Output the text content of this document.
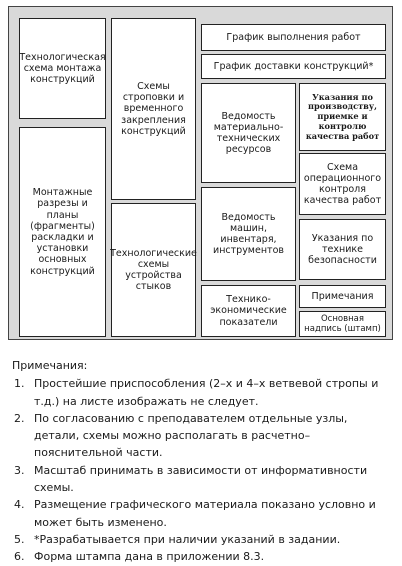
Технологическая схема монтажа конструкций
Монтажные разрезы и планы (фрагменты) раскладки и установки основных конструкций
Схемы строповки и временного закрепления конструкций
Технологические схемы устройства стыков
График выполнения работ
График доставки конструкций*
Ведомость материально-технических ресурсов
Указания по производству, приемке и контролю качества работ
Схема операционного контроля качества работ
Ведомость машин, инвентаря, инструментов
Указания по технике безопасности
Технико-экономические показатели
Примечания
Основная надпись (штамп)
Примечания:
1. Простейшие приспособления (2–х и 4–х ветвевой стропы и т.д.) на листе изображать не следует.
2. По согласованию с преподавателем отдельные узлы, детали, схемы можно располагать в расчетно–пояснительной части.
3. Масштаб принимать в зависимости от информативности схемы.
4. Размещение графического материала показано условно и может быть изменено.
5. *Разрабатывается при наличии указаний в задании.
6. Форма штампа дана в приложении 8.3.
